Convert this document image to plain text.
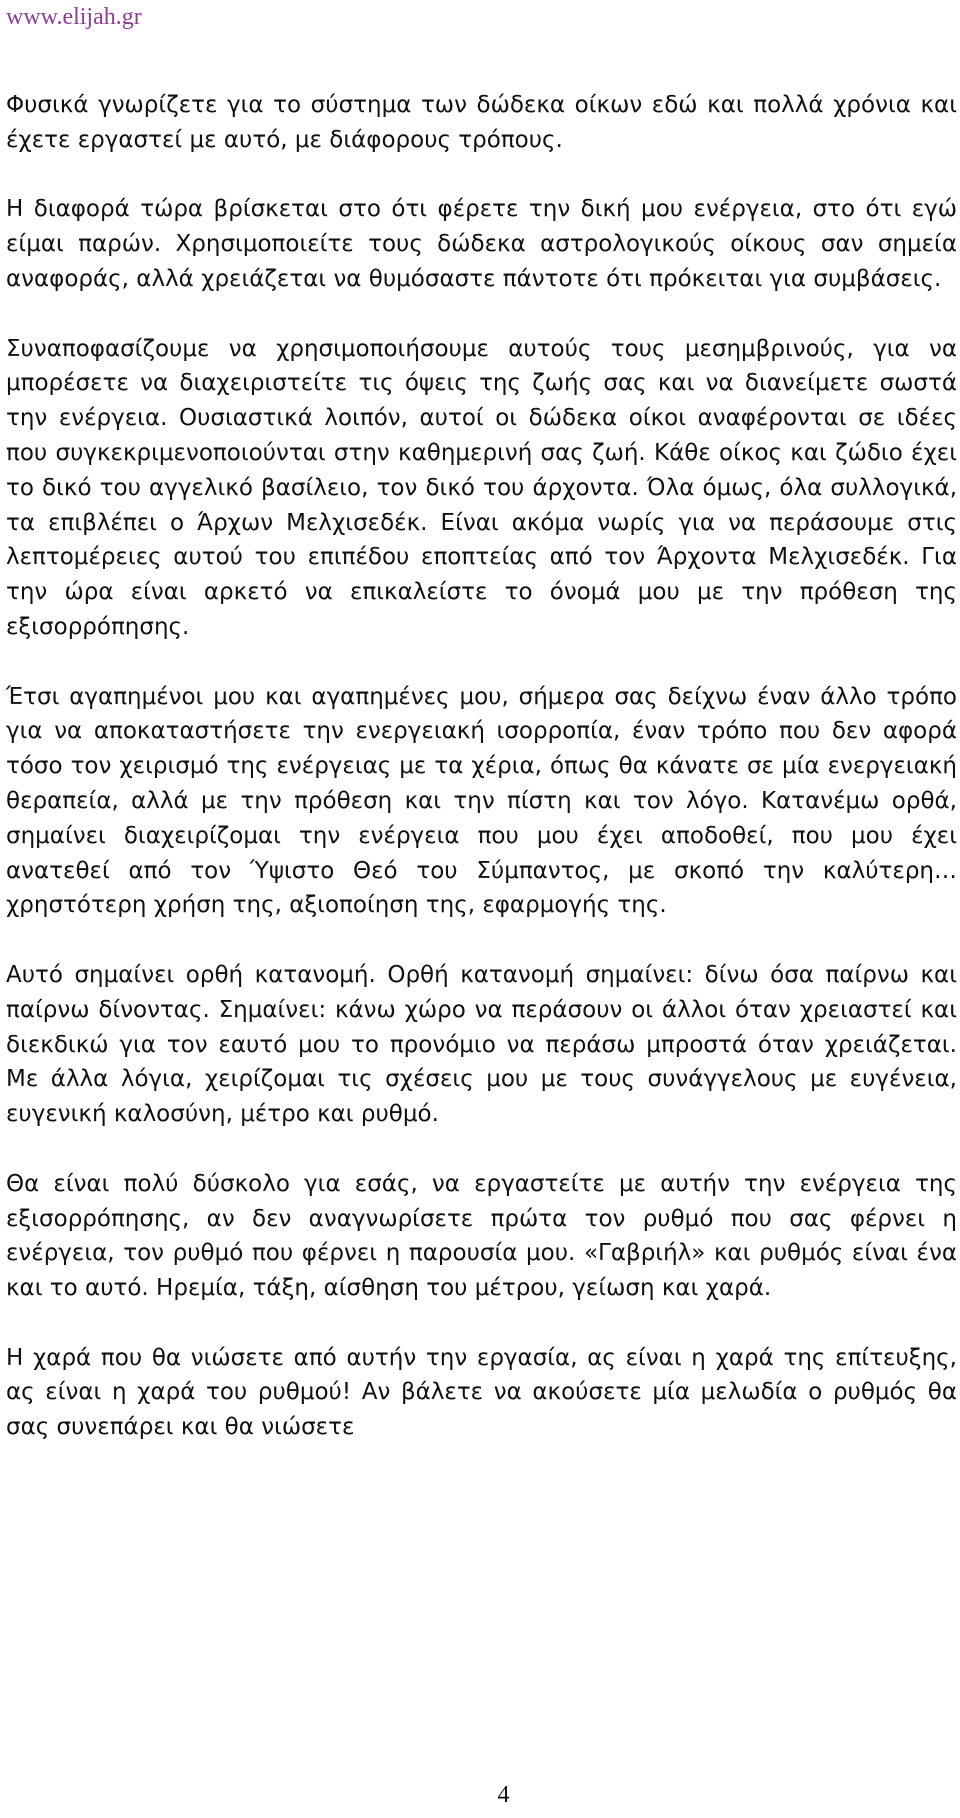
www.elijah.gr

Φυσικά γνωρίζετε για το σύστημα των δώδεκα οίκων εδώ και πολλά χρόνια και έχετε εργαστεί με αυτό, με διάφορους τρόπους.

Η διαφορά τώρα βρίσκεται στο ότι φέρετε την δική μου ενέργεια, στο ότι εγώ είμαι παρών. Χρησιμοποιείτε τους δώδεκα αστρολογικούς οίκους σαν σημεία αναφοράς, αλλά χρειάζεται να θυμόσαστε πάντοτε ότι πρόκειται για συμβάσεις.

Συναποφασίζουμε να χρησιμοποιήσουμε αυτούς τους μεσημβρινούς, για να μπορέσετε να διαχειριστείτε τις όψεις της ζωής σας και να διανείμετε σωστά την ενέργεια. Ουσιαστικά λοιπόν, αυτοί οι δώδεκα οίκοι αναφέρονται σε ιδέες που συγκεκριμενοποιούνται στην καθημερινή σας ζωή. Κάθε οίκος και ζώδιο έχει το δικό του αγγελικό βασίλειο, τον δικό του άρχοντα. Όλα όμως, όλα συλλογικά, τα επιβλέπει ο Άρχων Μελχισεδέκ. Είναι ακόμα νωρίς για να περάσουμε στις λεπτομέρειες αυτού του επιπέδου εποπτείας από τον Άρχοντα Μελχισεδέκ. Για την ώρα είναι αρκετό να επικαλείστε το όνομά μου με την πρόθεση της εξισορρόπησης.

Έτσι αγαπημένοι μου και αγαπημένες μου, σήμερα σας δείχνω έναν άλλο τρόπο για να αποκαταστήσετε την ενεργειακή ισορροπία, έναν τρόπο που δεν αφορά τόσο τον χειρισμό της ενέργειας με τα χέρια, όπως θα κάνατε σε μία ενεργειακή θεραπεία, αλλά με την πρόθεση και την πίστη και τον λόγο. Κατανέμω ορθά, σημαίνει διαχειρίζομαι την ενέργεια που μου έχει αποδοθεί, που μου έχει ανατεθεί από τον Ύψιστο Θεό του Σύμπαντος, με σκοπό την καλύτερη… χρηστότερη χρήση της, αξιοποίηση της, εφαρμογής της.

Αυτό σημαίνει ορθή κατανομή. Ορθή κατανομή σημαίνει: δίνω όσα παίρνω και παίρνω δίνοντας. Σημαίνει: κάνω χώρο να περάσουν οι άλλοι όταν χρειαστεί και διεκδικώ για τον εαυτό μου το προνόμιο να περάσω μπροστά όταν χρειάζεται. Με άλλα λόγια, χειρίζομαι τις σχέσεις μου με τους συνάγγελους με ευγένεια, ευγενική καλοσύνη, μέτρο και ρυθμό.

Θα είναι πολύ δύσκολο για εσάς, να εργαστείτε με αυτήν την ενέργεια της εξισορρόπησης, αν δεν αναγνωρίσετε πρώτα τον ρυθμό που σας φέρνει η ενέργεια, τον ρυθμό που φέρνει η παρουσία μου. «Γαβριήλ» και ρυθμός είναι ένα και το αυτό. Ηρεμία, τάξη, αίσθηση του μέτρου, γείωση και χαρά.

Η χαρά που θα νιώσετε από αυτήν την εργασία, ας είναι η χαρά της επίτευξης, ας είναι η χαρά του ρυθμού! Αν βάλετε να ακούσετε μία μελωδία ο ρυθμός θα σας συνεπάρει και θα νιώσετε

4
